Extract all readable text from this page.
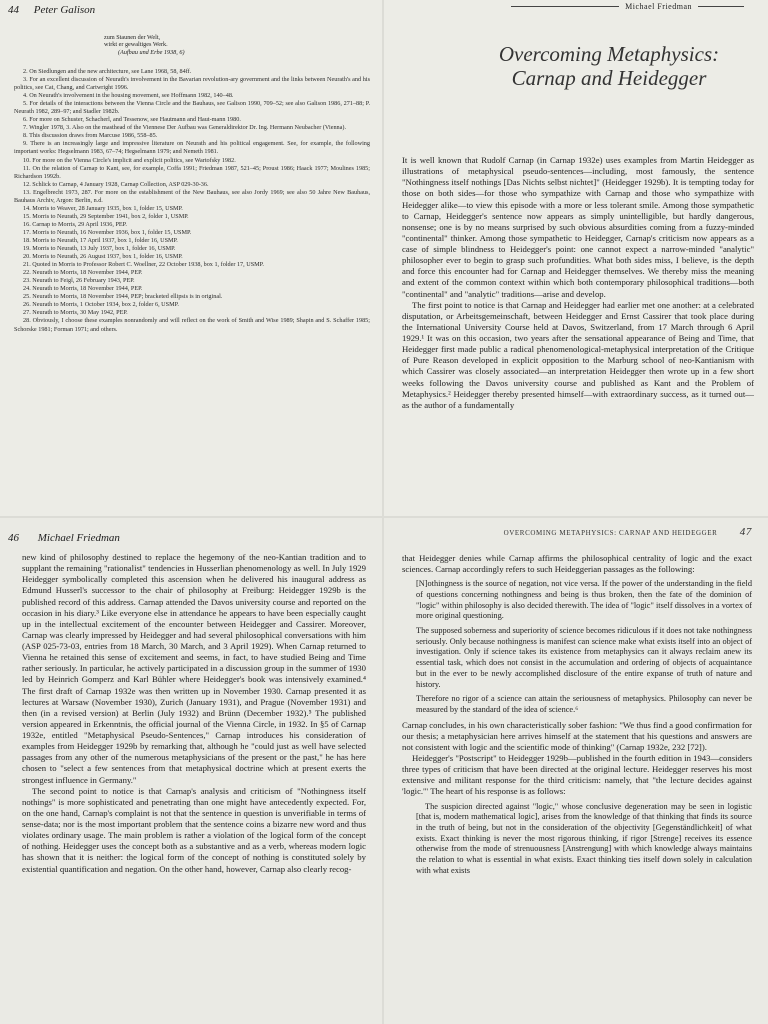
44 Peter Galison
zum Staunen der Welt,
wirkt er gewaltiges Werk.
(Aufbau und Erbe 1938, 6)

2. On Siedlungen and the new architecture, see Lane 1968, 58, 84ff.

3. For an excellent discussion of Neurath's involvement in the Bavarian revolution-ary government and the links between Neurath's and his politics, see Cat, Chang, and Cartwright 1996.

4. On Neurath's involvement in the housing movement, see Hoffmann 1982, 140–48.

5. For details of the interactions between the Vienna Circle and the Bauhaus, see Galison 1990, 709–52; see also Galison 1986, 271–88; P. Neurath 1982, 289–97; and Stadler 1982b.

6. For more on Schuster, Schacherl, and Tessenow, see Hautmann and Haut-mann 1980.

7. Wingler 1978, 3. Also on the masthead of the Viennese Der Aufbau was Generaldirektor Dr. Ing. Hermann Neubacher (Vienna).

8. This discussion draws from Marcuse 1986, 558–85.

9. There is an increasingly large and impressive literature on Neurath and his political engagement. See, for example, the following important works: Hegselmann 1983, 67–74; Hegselmann 1979; and Nemeth 1981.

10. For more on the Vienna Circle's implicit and explicit politics, see Wartofsky 1982.

11. On the relation of Carnap to Kant, see, for example, Coffa 1991; Friedman 1987, 521–45; Proust 1986; Haack 1977; Moulines 1985; Richardson 1992b.

12. Schlick to Carnap, 4 January 1928, Carnap Collection, ASP 029-30-36.

13. Engelbrecht 1973, 287. For more on the establishment of the New Bauhaus, see also Jordy 1969; see also 50 Jahre New Bauhaus, Bauhaus Archiv, Argon: Berlin, n.d.

14. Morris to Weaver, 28 January 1935, box 1, folder 15, USMP.

15. Morris to Neurath, 29 September 1941, box 2, folder 1, USMP.

16. Carnap to Morris, 29 April 1936, PEP.

17. Morris to Neurath, 16 November 1936, box 1, folder 15, USMP.

18. Morris to Neurath, 17 April 1937, box 1, folder 16, USMP.

19. Morris to Neurath, 13 July 1937, box 1, folder 16, USMP.

20. Morris to Neurath, 26 August 1937, box 1, folder 16, USMP.

21. Quoted in Morris to Professor Robert C. Woellner, 22 October 1938, box 1, folder 17, USMP.

22. Neurath to Morris, 18 November 1944, PEP.

23. Neurath to Feigl, 26 February 1943, PEP.

24. Neurath to Morris, 18 November 1944, PEP.

25. Neurath to Morris, 18 November 1944, PEP; bracketed ellipsis is in original.

26. Neurath to Morris, 1 October 1934, box 2, folder 6, USMP.

27. Neurath to Morris, 30 May 1942, PEP.

28. Obviously, I choose these examples nonrandomly and will reflect on the work of Smith and Wise 1989; Shapin and S. Schaffer 1985; Schorske 1981; Forman 1971; and others.

Michael Friedman
Overcoming Metaphysics:
Carnap and Heidegger

It is well known that Rudolf Carnap (in Carnap 1932e) uses examples from Martin Heidegger as illustrations of metaphysical pseudo-sentences—including, most famously, the sentence "Nothingness itself nothings [Das Nichts selbst nichtet]" (Heidegger 1929b). It is tempting today for those on both sides—for those who sympathize with Carnap and those who sympathize with Heidegger alike—to view this episode with a more or less tolerant smile. Among those sympathetic to Carnap, Heidegger's sentence now appears as simply unintelligible, but hardly dangerous, nonsense; one is by no means surprised by such obvious absurdities coming from a fuzzy-minded "continental" thinker. Among those sympathetic to Heidegger, Carnap's criticism now appears as a case of simple blindness to Heidegger's point: one cannot expect a narrow-minded "analytic" philosopher ever to begin to grasp such profundities. What both sides miss, I believe, is the depth and force this encounter had for Carnap and Heidegger themselves. We thereby miss the meaning and extent of the common context within which both contemporary philosophical traditions—both "continental" and "analytic" traditions—arise and develop.

The first point to notice is that Carnap and Heidegger had earlier met one another: at a celebrated disputation, or Arbeitsgemeinschaft, between Heidegger and Ernst Cassirer that took place during the International University Course held at Davos, Switzerland, from 17 March through 6 April 1929.¹ It was on this occasion, two years after the sensational appearance of Being and Time, that Heidegger first made public a radical phenomenological-metaphysical interpretation of the Critique of Pure Reason developed in explicit opposition to the Marburg school of neo-Kantianism with which Cassirer was closely associated—an interpretation Heidegger then wrote up in a few short weeks following the Davos university course and published as Kant and the Problem of Metaphysics.² Heidegger thereby presented himself—with extraordinary success, as it turned out—as the author of a fundamentally

46 Michael Friedman

new kind of philosophy destined to replace the hegemony of the neo-Kantian tradition and to supplant the remaining "rationalist" tendencies in Husserlian phenomenology as well. In July 1929 Heidegger symbolically completed this ascension when he delivered his inaugural address as Edmund Husserl's successor to the chair of philosophy at Freiburg: Heidegger 1929b is the published record of this address. Carnap attended the Davos university course and reported on the occasion in his diary.³ Like everyone else in attendance he appears to have been especially caught up in the intellectual excitement of the encounter between Heidegger and Cassirer. Moreover, Carnap was clearly impressed by Heidegger and had several philosophical conversations with him (ASP 025-73-03, entries from 18 March, 30 March, and 3 April 1929). When Carnap returned to Vienna he retained this sense of excitement and seems, in fact, to have studied Being and Time rather seriously. In particular, he actively participated in a discussion group in the summer of 1930 led by Heinrich Gomperz and Karl Bühler where Heidegger's book was intensively examined.⁴ The first draft of Carnap 1932e was then written up in November 1930. Carnap presented it as lectures at Warsaw (November 1930), Zurich (January 1931), and Prague (November 1931) and then (in a revised version) at Berlin (July 1932) and Brünn (December 1932).⁵ The published version appeared in Erkenntnis, the official journal of the Vienna Circle, in 1932. In §5 of Carnap 1932e, entitled "Metaphysical Pseudo-Sentences," Carnap introduces his consideration of examples from Heidegger 1929b by remarking that, although he "could just as well have selected passages from any other of the numerous metaphysicians of the present or the past," he has here chosen to "select a few sentences from that metaphysical doctrine which at present exerts the strongest influence in Germany."

The second point to notice is that Carnap's analysis and criticism of "Nothingness itself nothings" is more sophisticated and penetrating than one might have antecedently expected. For, on the one hand, Carnap's complaint is not that the sentence in question is unverifiable in terms of sense-data; nor is the most important problem that the sentence coins a bizarre new word and thus violates ordinary usage. The main problem is rather a violation of the logical form of the concept of nothing. Heidegger uses the concept both as a substantive and as a verb, whereas modern logic has shown that it is neither: the logical form of the concept of nothing is constituted solely by existential quantification and negation. On the other hand, however, Carnap also clearly recog-

OVERCOMING METAPHYSICS: CARNAP AND HEIDEGGER 47

that Heidegger denies while Carnap affirms the philosophical centrality of logic and the exact sciences. Carnap accordingly refers to such Heideggerian passages as the following:

[N]othingness is the source of negation, not vice versa. If the power of the understanding in the field of questions concerning nothingness and being is thus broken, then the fate of the dominion of "logic" within philosophy is also decided therewith. The idea of "logic" itself dissolves in a vortex of more original questioning.

The supposed soberness and superiority of science becomes ridiculous if it does not take nothingness seriously. Only because nothingness is manifest can science make what exists itself into an object of investigation. Only if science takes its existence from metaphysics can it always reclaim anew its essential task, which does not consist in the accumulation and ordering of objects of acquaintance but in the ever to be newly accomplished disclosure of the entire expanse of truth of nature and history.

Therefore no rigor of a science can attain the seriousness of metaphysics. Philosophy can never be measured by the standard of the idea of science.⁶

Carnap concludes, in his own characteristically sober fashion: "We thus find a good confirmation for our thesis; a metaphysician here arrives himself at the statement that his questions and answers are not consistent with logic and the scientific mode of thinking" (Carnap 1932e, 232 [72]).

Heidegger's "Postscript" to Heidegger 1929b—published in the fourth edition in 1943—considers three types of criticism that have been directed at the original lecture. Heidegger reserves his most extensive and militant response for the third criticism: namely, that "the lecture decides against 'logic.'" The heart of his response is as follows:

The suspicion directed against "logic," whose conclusive degeneration may be seen in logistic [that is, modern mathematical logic], arises from the knowledge of that thinking that finds its source in the truth of being, but not in the consideration of the objectivity [Gegenständlichkeit] of what exists. Exact thinking is never the most rigorous thinking, if rigor [Strenge] receives its essence otherwise from the mode of strenuousness [Anstrengung] with which knowledge always maintains the relation to what is essential in what exists. Exact thinking ties itself down solely in calculation with what exists
